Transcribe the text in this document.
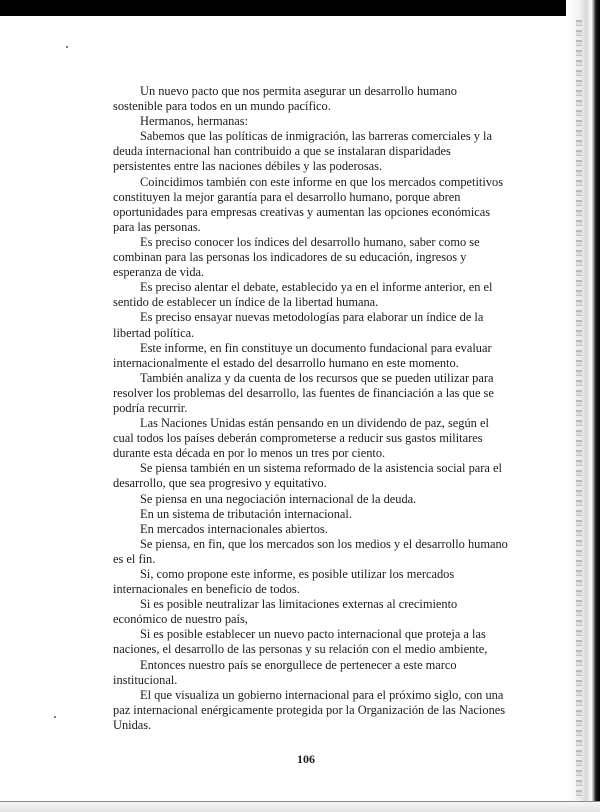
Un nuevo pacto que nos permita asegurar un desarrollo humano sostenible para todos en un mundo pacífico.

Hermanos, hermanas:

Sabemos que las políticas de inmigración, las barreras comerciales y la deuda internacional han contribuido a que se instalaran disparidades persistentes entre las naciones débiles y las poderosas.

Coincidimos también con este informe en que los mercados competitivos constituyen la mejor garantía para el desarrollo humano, porque abren oportunidades para empresas creativas y aumentan las opciones económicas para las personas.

Es preciso conocer los índices del desarrollo humano, saber como se combinan para las personas los indicadores de su educación, ingresos y esperanza de vida.

Es preciso alentar el debate, establecido ya en el informe anterior, en el sentido de establecer un índice de la libertad humana.

Es preciso ensayar nuevas metodologías para elaborar un índice de la libertad política.

Este informe, en fin constituye un documento fundacional para evaluar internacionalmente el estado del desarrollo humano en este momento.

También analiza y da cuenta de los recursos que se pueden utilizar para resolver los problemas del desarrollo, las fuentes de financiación a las que se podría recurrir.

Las Naciones Unidas están pensando en un dividendo de paz, según el cual todos los países deberán comprometerse a reducir sus gastos militares durante esta década en por lo menos un tres por ciento.

Se piensa también en un sistema reformado de la asistencia social para el desarrollo, que sea progresivo y equitativo.

Se piensa en una negociación internacional de la deuda.

En un sistema de tributación internacional.

En mercados internacionales abiertos.

Se piensa, en fin, que los mercados son los medios y el desarrollo humano es el fin.

Si, como propone este informe, es posible utilizar los mercados internacionales en beneficio de todos.

Si es posible neutralizar las limitaciones externas al crecimiento económico de nuestro país,

Si es posible establecer un nuevo pacto internacional que proteja a las naciones, el desarrollo de las personas y su relación con el medio ambiente,

Entonces nuestro país se enorgullece de pertenecer a este marco institucional.

El que visualiza un gobierno internacional para el próximo siglo, con una paz internacional enérgicamente protegida por la Organización de las Naciones Unidas.

106
